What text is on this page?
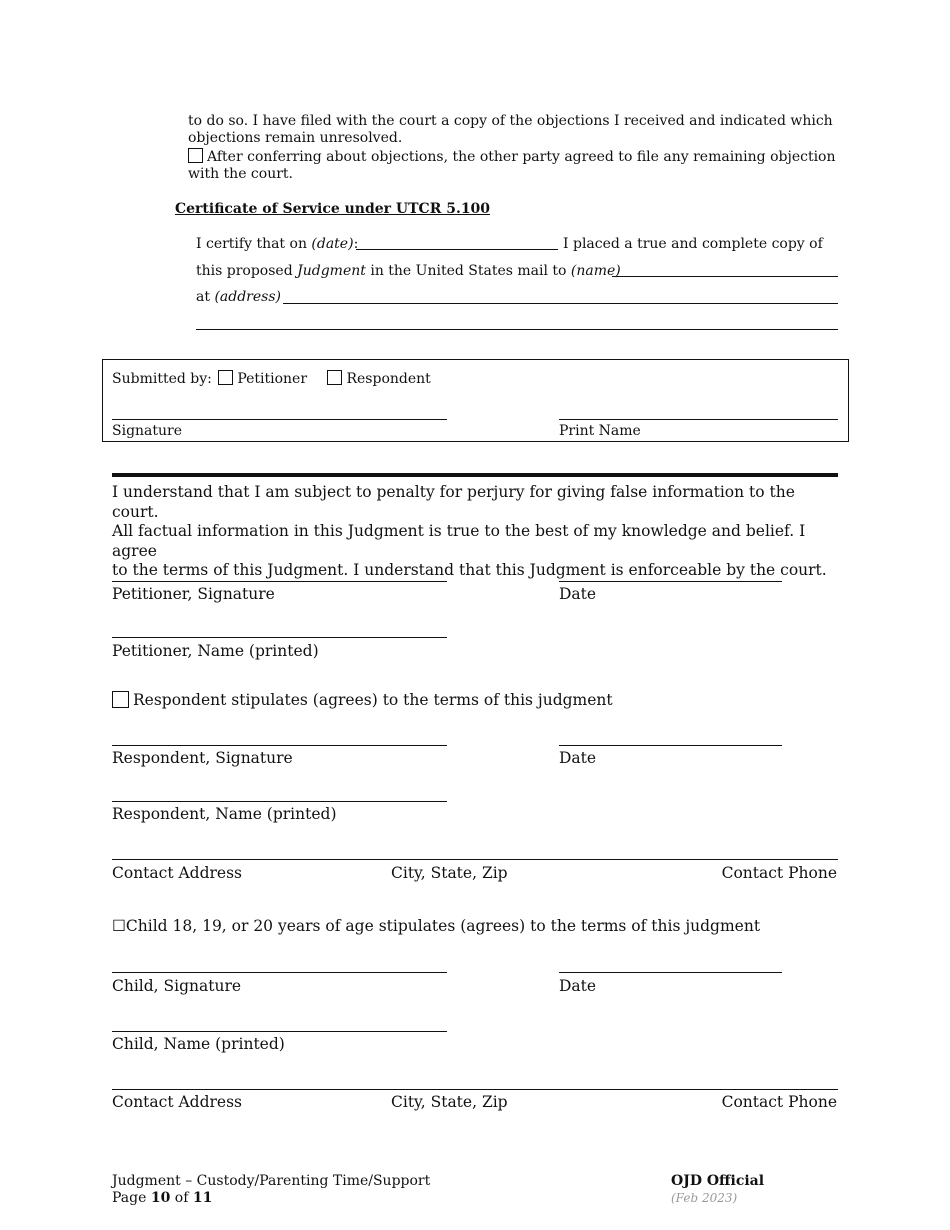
to do so. I have filed with the court a copy of the objections I received and indicated which
objections remain unresolved.
After conferring about objections, the other party agreed to file any remaining objection
with the court.
Certificate of Service under UTCR 5.100
I certify that on (date):	I placed a true and complete copy of
this proposed Judgment in the United States mail to (name)
at (address)
Submitted by: Petitioner	Respondent
Signature	Print Name
I understand that I am subject to penalty for perjury for giving false information to the court.
All factual information in this Judgment is true to the best of my knowledge and belief. I agree
to the terms of this Judgment. I understand that this Judgment is enforceable by the court.
Petitioner, Signature	Date
Petitioner, Name (printed)
Respondent stipulates (agrees) to the terms of this judgment
Respondent, Signature	Date
Respondent, Name (printed)
Contact Address	City, State, Zip	Contact Phone
☐Child 18, 19, or 20 years of age stipulates (agrees) to the terms of this judgment
Child, Signature	Date
Child, Name (printed)
Contact Address	City, State, Zip	Contact Phone
Judgment – Custody/Parenting Time/Support
Page 10 of 11
OJD Official
(Feb 2023)
